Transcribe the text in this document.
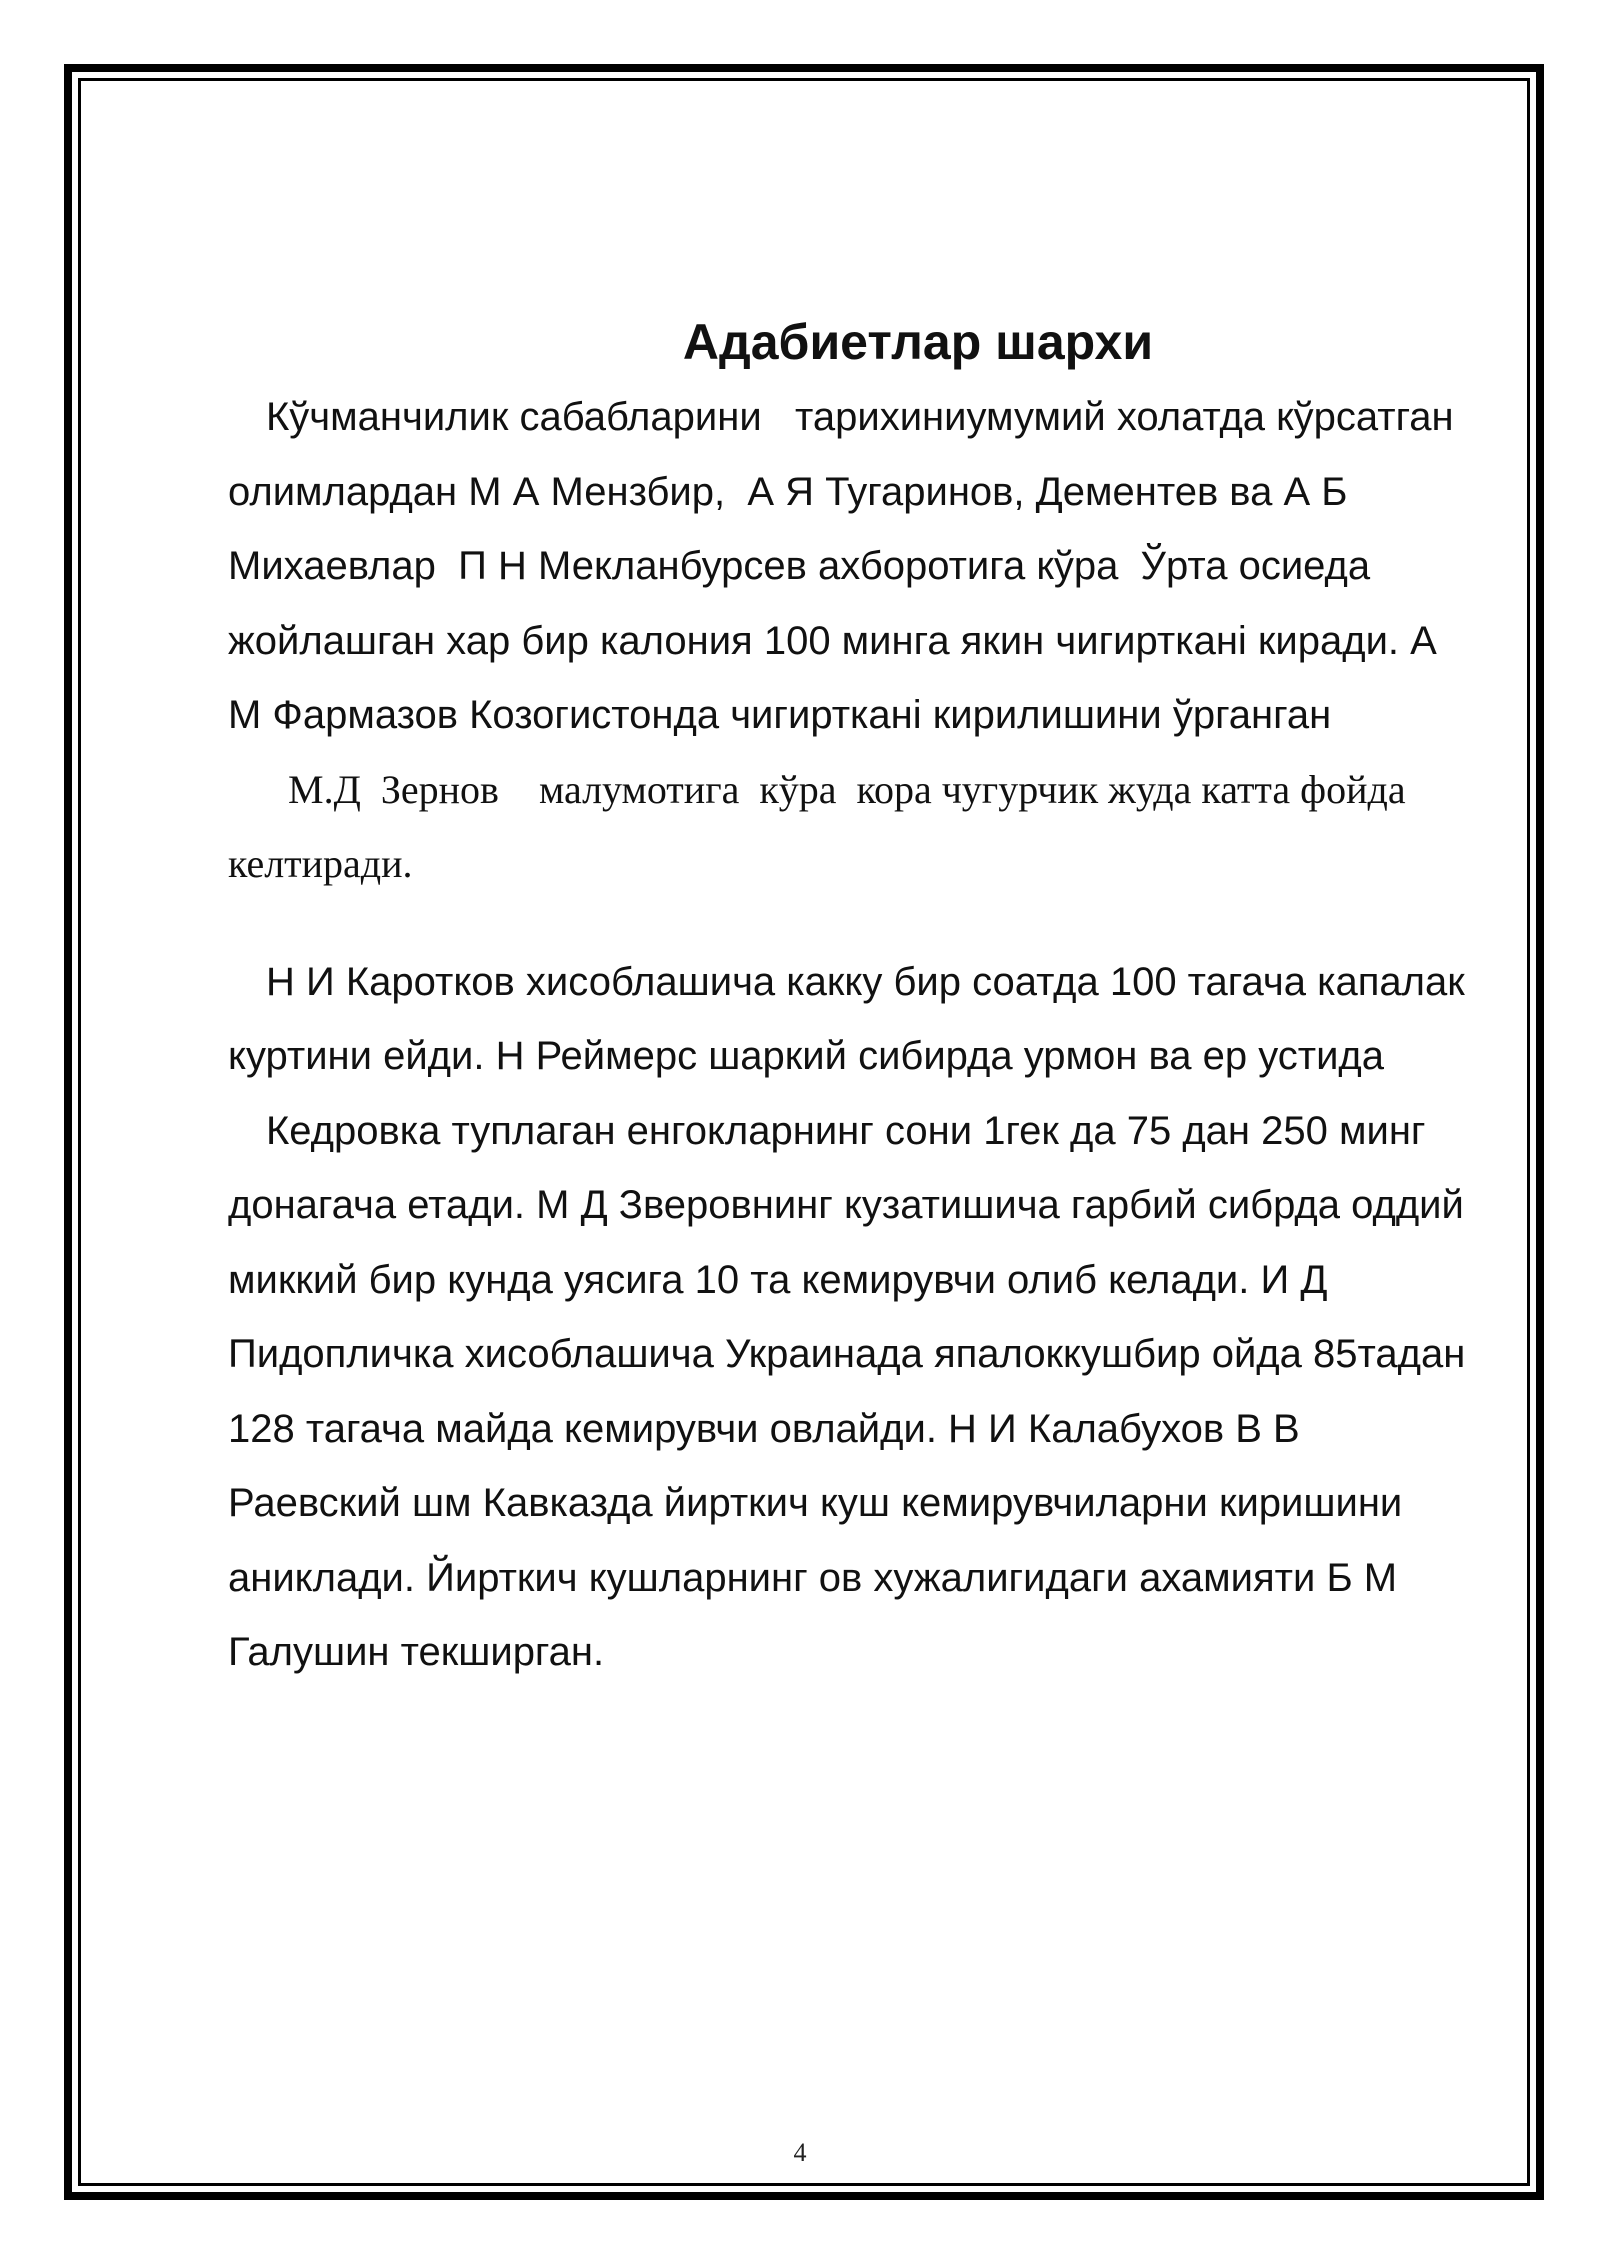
Адабиетлар шархи

Кўчманчилик сабабларини   тарихиниумумий холатда кўрсатган олимлардан М А Мензбир,  А Я Тугаринов, Дементев ва А Б Михаевлар  П Н Мекланбурсев ахборотига кўра  Ўрта осиеда жойлашган хар бир калония 100 минга якин чигиртканi киради. А М Фармазов Козогистонда чигиртканi кирилишини ўрганган

М.Д  Зернов    малумотига  кўра  кора чугурчик жуда катта фойда келтиради.

Н И Каротков хисоблашича какку бир соатда 100 тагача капалак куртини ейди. Н Реймерс шаркий сибирда урмон ва ер устида

Кедровка туплаган енгокларнинг сони 1гек да 75 дан 250 минг донагача етади. М Д Зверовнинг кузатишича гарбий сибрда оддий миккий бир кунда уясига 10 та кемирувчи олиб келади. И Д Пидопличка хисоблашича Украинада япалоккушбир ойда 85тадан 128 тагача майда кемирувчи овлайди. Н И Калабухов В В Раевский шм Кавказда йирткич куш кемирувчиларни киришини аниклади. Йирткич кушларнинг ов хужалигидаги ахамияти Б М Галушин текширган.

4
